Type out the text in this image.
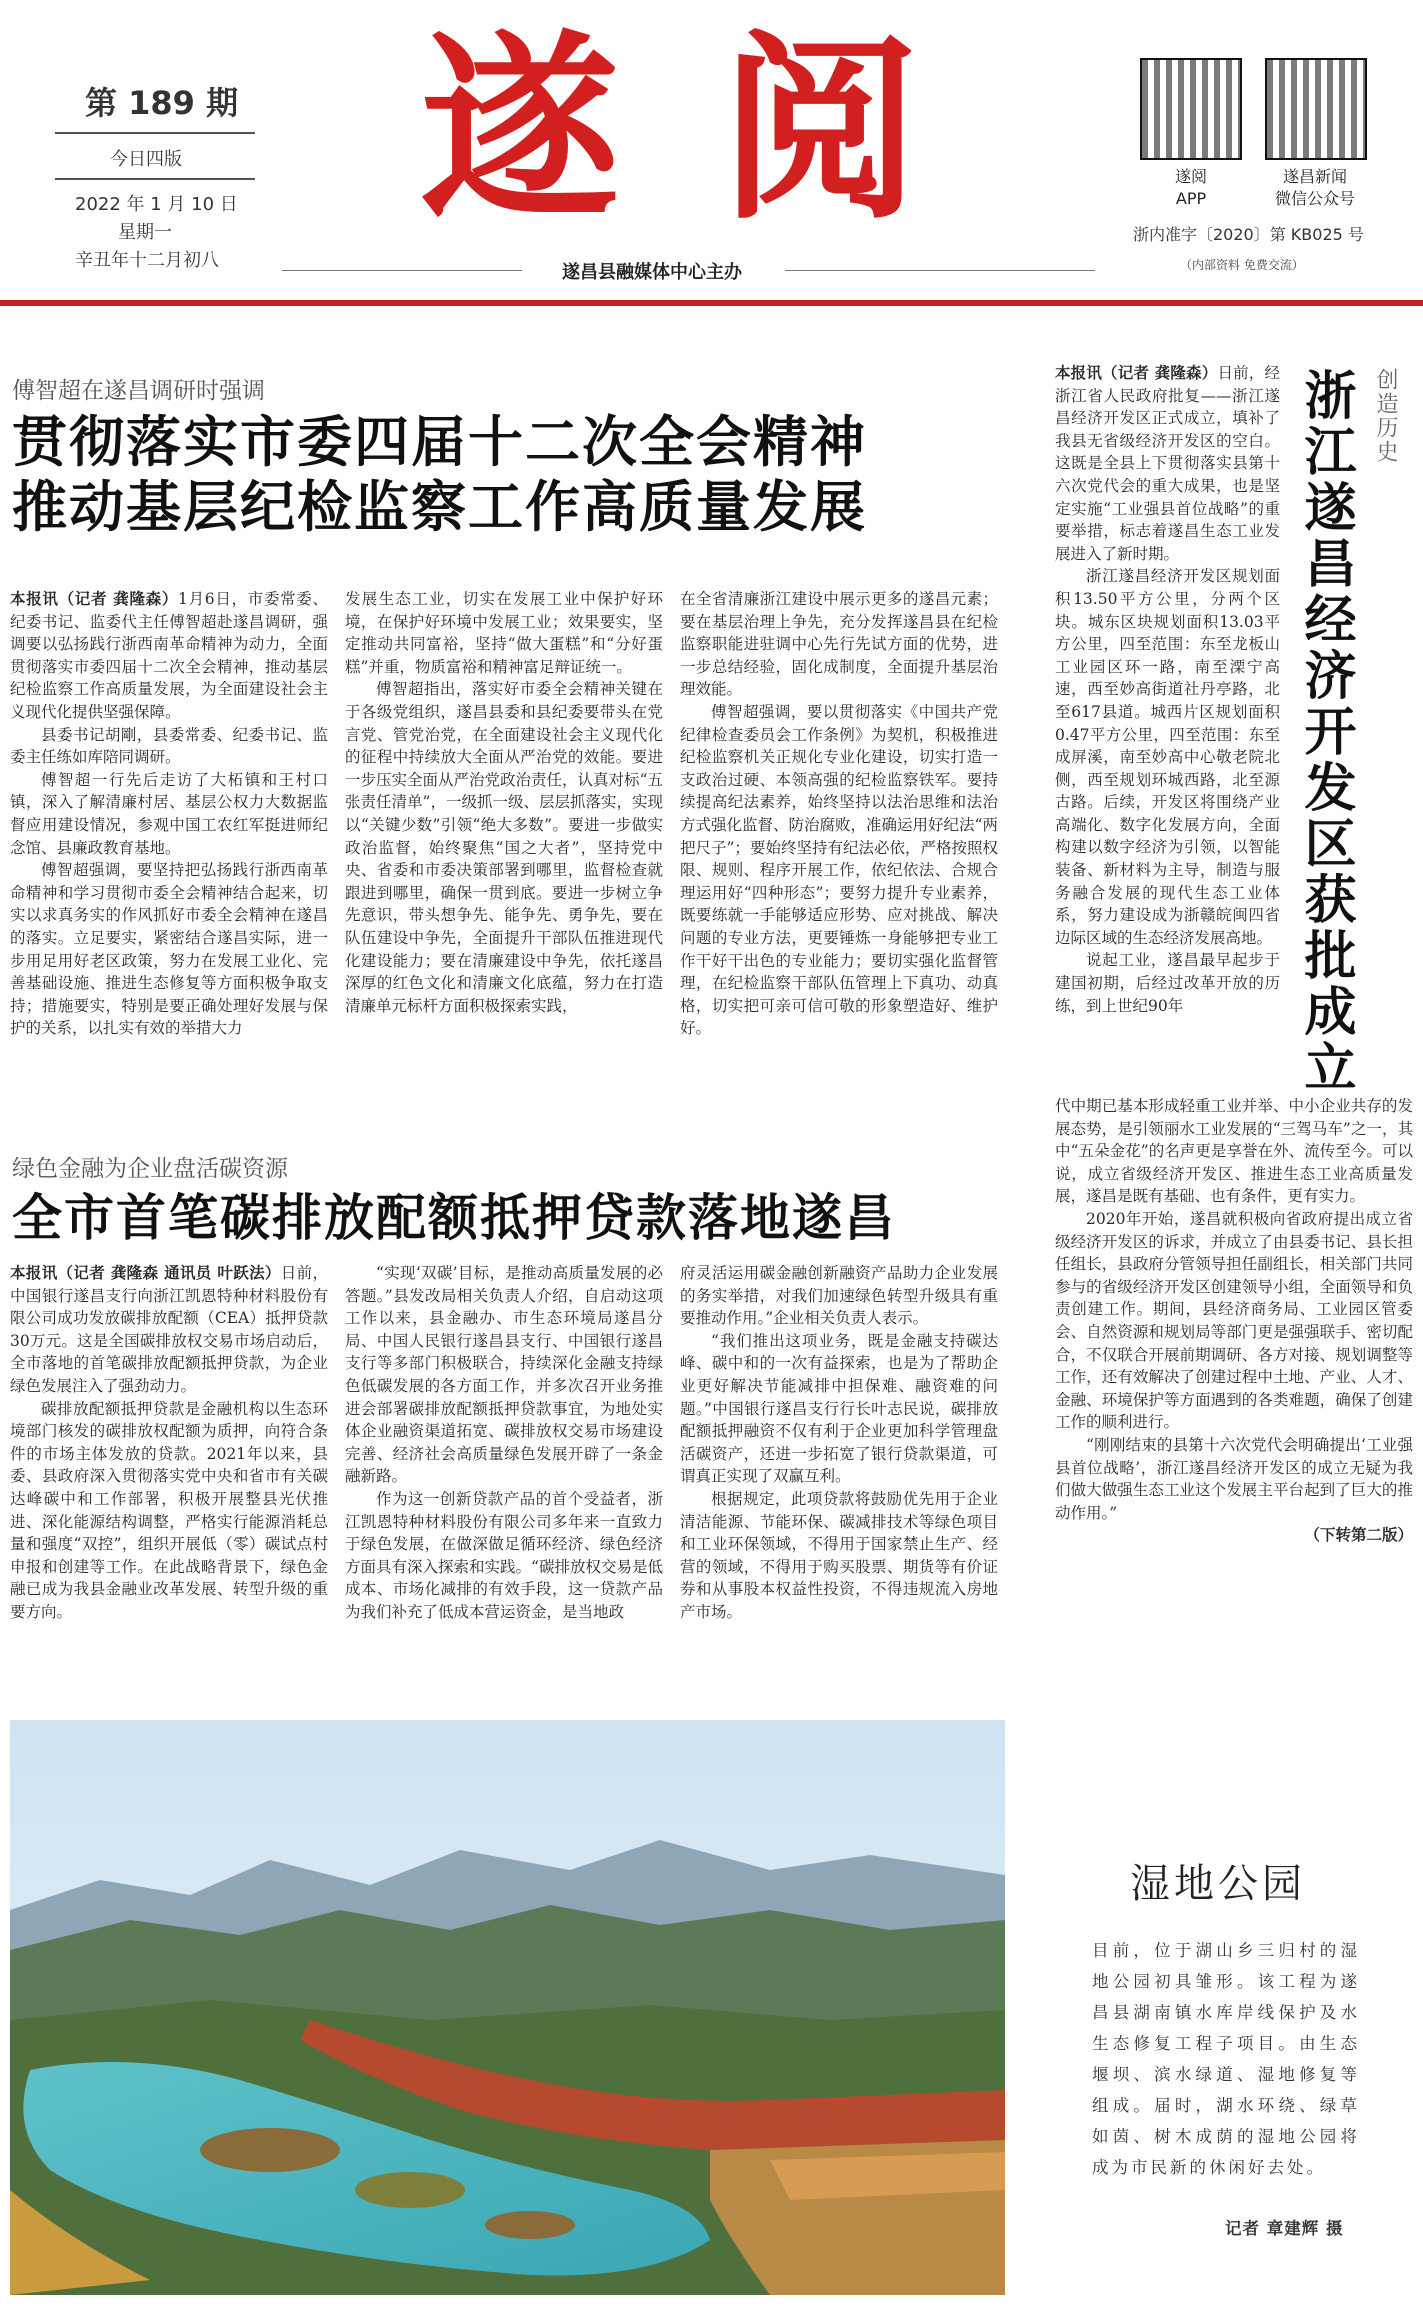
第 189 期
今日四版
2022 年 1 月 10 日
星期一
辛丑年十二月初八
遂 阅
遂昌县融媒体中心主办
遂阅
APP
遂昌新闻
微信公众号
浙内准字〔2020〕第 KB025 号
（内部资料 免费交流）
傅智超在遂昌调研时强调
贯彻落实市委四届十二次全会精神
推动基层纪检监察工作高质量发展

本报讯（记者 龚隆森）1月6日，市委常委、纪委书记、监委代主任傅智超赴遂昌调研，强调要以弘扬践行浙西南革命精神为动力，全面贯彻落实市委四届十二次全会精神，推动基层纪检监察工作高质量发展，为全面建设社会主义现代化提供坚强保障。

县委书记胡剛，县委常委、纪委书记、监委主任练如库陪同调研。

傅智超一行先后走访了大柘镇和王村口镇，深入了解清廉村居、基层公权力大数据监督应用建设情况，参观中国工农红军挺进师纪念馆、县廉政教育基地。

傅智超强调，要坚持把弘扬践行浙西南革命精神和学习贯彻市委全会精神结合起来，切实以求真务实的作风抓好市委全会精神在遂昌的落实。立足要实，紧密结合遂昌实际，进一步用足用好老区政策，努力在发展工业化、完善基础设施、推进生态修复等方面积极争取支持；措施要实，特别是要正确处理好发展与保护的关系，以扎实有效的举措大力

发展生态工业，切实在发展工业中保护好环境，在保护好环境中发展工业；效果要实，坚定推动共同富裕，坚持“做大蛋糕”和“分好蛋糕”并重，物质富裕和精神富足辩证统一。

傅智超指出，落实好市委全会精神关键在于各级党组织，遂昌县委和县纪委要带头在党言党、管党治党，在全面建设社会主义现代化的征程中持续放大全面从严治党的效能。要进一步压实全面从严治党政治责任，认真对标“五张责任清单”，一级抓一级、层层抓落实，实现以“关键少数”引领“绝大多数”。要进一步做实政治监督，始终聚焦“国之大者”，坚持党中央、省委和市委决策部署到哪里，监督检查就跟进到哪里，确保一贯到底。要进一步树立争先意识，带头想争先、能争先、勇争先，要在队伍建设中争先，全面提升干部队伍推进现代化建设能力；要在清廉建设中争先，依托遂昌深厚的红色文化和清廉文化底蕴，努力在打造清廉单元标杆方面积极探索实践，

在全省清廉浙江建设中展示更多的遂昌元素；要在基层治理上争先，充分发挥遂昌县在纪检监察职能进驻调中心先行先试方面的优势，进一步总结经验，固化成制度，全面提升基层治理效能。

傅智超强调，要以贯彻落实《中国共产党纪律检查委员会工作条例》为契机，积极推进纪检监察机关正规化专业化建设，切实打造一支政治过硬、本领高强的纪检监察铁军。要持续提高纪法素养，始终坚持以法治思维和法治方式强化监督、防治腐败，准确运用好纪法“两把尺子”；要始终坚持有纪法必依，严格按照权限、规则、程序开展工作，依纪依法、合规合理运用好“四种形态”；要努力提升专业素养，既要练就一手能够适应形势、应对挑战、解决问题的专业方法，更要锤炼一身能够把专业工作干好干出色的专业能力；要切实强化监督管理，在纪检监察干部队伍管理上下真功、动真格，切实把可亲可信可敬的形象塑造好、维护好。

绿色金融为企业盘活碳资源
全市首笔碳排放配额抵押贷款落地遂昌

本报讯（记者 龚隆森 通讯员 叶跃法）日前，中国银行遂昌支行向浙江凯恩特种材料股份有限公司成功发放碳排放配额（CEA）抵押贷款30万元。这是全国碳排放权交易市场启动后，全市落地的首笔碳排放配额抵押贷款，为企业绿色发展注入了强劲动力。

碳排放配额抵押贷款是金融机构以生态环境部门核发的碳排放权配额为质押，向符合条件的市场主体发放的贷款。2021年以来，县委、县政府深入贯彻落实党中央和省市有关碳达峰碳中和工作部署，积极开展整县光伏推进、深化能源结构调整，严格实行能源消耗总量和强度“双控”，组织开展低（零）碳试点村申报和创建等工作。在此战略背景下，绿色金融已成为我县金融业改革发展、转型升级的重要方向。

“实现‘双碳’目标，是推动高质量发展的必答题。”县发改局相关负责人介绍，自启动这项工作以来，县金融办、市生态环境局遂昌分局、中国人民银行遂昌县支行、中国银行遂昌支行等多部门积极联合，持续深化金融支持绿色低碳发展的各方面工作，并多次召开业务推进会部署碳排放配额抵押贷款事宜，为地处实体企业融资渠道拓宽、碳排放权交易市场建设完善、经济社会高质量绿色发展开辟了一条金融新路。

作为这一创新贷款产品的首个受益者，浙江凯恩特种材料股份有限公司多年来一直致力于绿色发展，在做深做足循环经济、绿色经济方面具有深入探索和实践。“碳排放权交易是低成本、市场化减排的有效手段，这一贷款产品为我们补充了低成本营运资金，是当地政

府灵活运用碳金融创新融资产品助力企业发展的务实举措，对我们加速绿色转型升级具有重要推动作用。”企业相关负责人表示。

“我们推出这项业务，既是金融支持碳达峰、碳中和的一次有益探索，也是为了帮助企业更好解决节能减排中担保难、融资难的问题。”中国银行遂昌支行行长叶志民说，碳排放配额抵押融资不仅有利于企业更加科学管理盘活碳资产，还进一步拓宽了银行贷款渠道，可谓真正实现了双赢互利。

根据规定，此项贷款将鼓励优先用于企业清洁能源、节能环保、碳减排技术等绿色项目和工业环保领域，不得用于国家禁止生产、经营的领域，不得用于购买股票、期货等有价证券和从事股本权益性投资，不得违规流入房地产市场。

创造历史
浙江遂昌经济开发区获批成立

本报讯（记者 龚隆森）日前，经浙江省人民政府批复——浙江遂昌经济开发区正式成立，填补了我县无省级经济开发区的空白。这既是全县上下贯彻落实县第十六次党代会的重大成果，也是坚定实施“工业强县首位战略”的重要举措，标志着遂昌生态工业发展进入了新时期。

浙江遂昌经济开发区规划面积13.50平方公里，分两个区块。城东区块规划面积13.03平方公里，四至范围：东至龙板山工业园区环一路，南至溧宁高速，西至妙高街道社丹亭路，北至617县道。城西片区规划面积0.47平方公里，四至范围：东至成屏溪，南至妙高中心敬老院北侧，西至规划环城西路，北至源古路。后续，开发区将围绕产业高端化、数字化发展方向，全面构建以数字经济为引领，以智能装备、新材料为主导，制造与服务融合发展的现代生态工业体系，努力建设成为浙赣皖闽四省边际区域的生态经济发展高地。

说起工业，遂昌最早起步于建国初期，后经过改革开放的历练，到上世纪90年

代中期已基本形成轻重工业并举、中小企业共存的发展态势，是引领丽水工业发展的“三驾马车”之一，其中“五朵金花”的名声更是享誉在外、流传至今。可以说，成立省级经济开发区、推进生态工业高质量发展，遂昌是既有基础、也有条件，更有实力。

2020年开始，遂昌就积极向省政府提出成立省级经济开发区的诉求，并成立了由县委书记、县长担任组长，县政府分管领导担任副组长，相关部门共同参与的省级经济开发区创建领导小组，全面领导和负责创建工作。期间，县经济商务局、工业园区管委会、自然资源和规划局等部门更是强强联手、密切配合，不仅联合开展前期调研、各方对接、规划调整等工作，还有效解决了创建过程中土地、产业、人才、金融、环境保护等方面遇到的各类难题，确保了创建工作的顺利进行。

“刚刚结束的县第十六次党代会明确提出‘工业强县首位战略’，浙江遂昌经济开发区的成立无疑为我们做大做强生态工业这个发展主平台起到了巨大的推动作用。”

（下转第二版）
湿地公园
目前，位于湖山乡三归村的湿地公园初具雏形。该工程为遂昌县湖南镇水库岸线保护及水生态修复工程子项目。由生态堰坝、滨水绿道、湿地修复等组成。届时，湖水环绕、绿草如茵、树木成荫的湿地公园将成为市民新的休闲好去处。
记者 章建辉 摄
